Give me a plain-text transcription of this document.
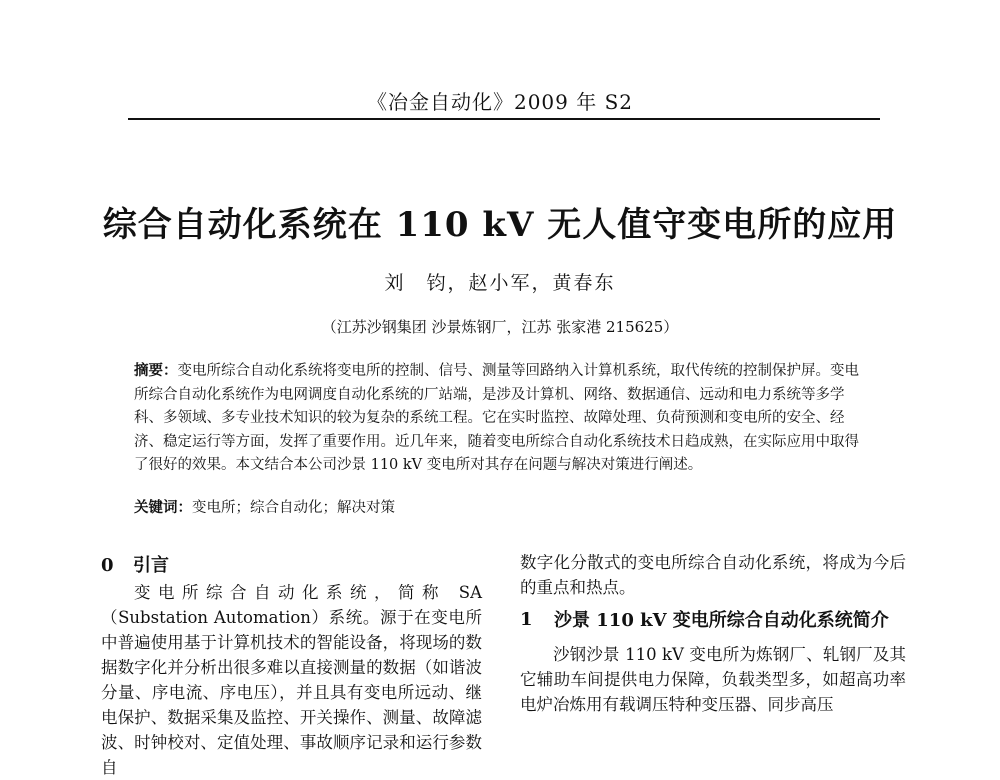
《冶金自动化》2009 年 S2
综合自动化系统在 110 kV 无人值守变电所的应用
刘　钧，赵小军，黄春东
（江苏沙钢集团 沙景炼钢厂，江苏 张家港 215625）
摘要：变电所综合自动化系统将变电所的控制、信号、测量等回路纳入计算机系统，取代传统的控制保护屏。变电所综合自动化系统作为电网调度自动化系统的厂站端，是涉及计算机、网络、数据通信、远动和电力系统等多学科、多领域、多专业技术知识的较为复杂的系统工程。它在实时监控、故障处理、负荷预测和变电所的安全、经济、稳定运行等方面，发挥了重要作用。近几年来，随着变电所综合自动化系统技术日趋成熟，在实际应用中取得了很好的效果。本文结合本公司沙景 110 kV 变电所对其存在问题与解决对策进行阐述。
关键词：变电所；综合自动化；解决对策
0 引言

变电所综合自动化系统，简称 SA（Substation Automation）系统。源于在变电所中普遍使用基于计算机技术的智能设备，将现场的数据数字化并分析出很多难以直接测量的数据（如谐波分量、序电流、序电压），并且具有变电所远动、继电保护、数据采集及监控、开关操作、测量、故障滤波、时钟校对、定值处理、事故顺序记录和运行参数自

数字化分散式的变电所综合自动化系统，将成为今后的重点和热点。

1	沙景 110 kV 变电所综合自动化系统简介

沙钢沙景 110 kV 变电所为炼钢厂、轧钢厂及其它辅助车间提供电力保障，负载类型多，如超高功率电炉冶炼用有载调压特种变压器、同步高压
